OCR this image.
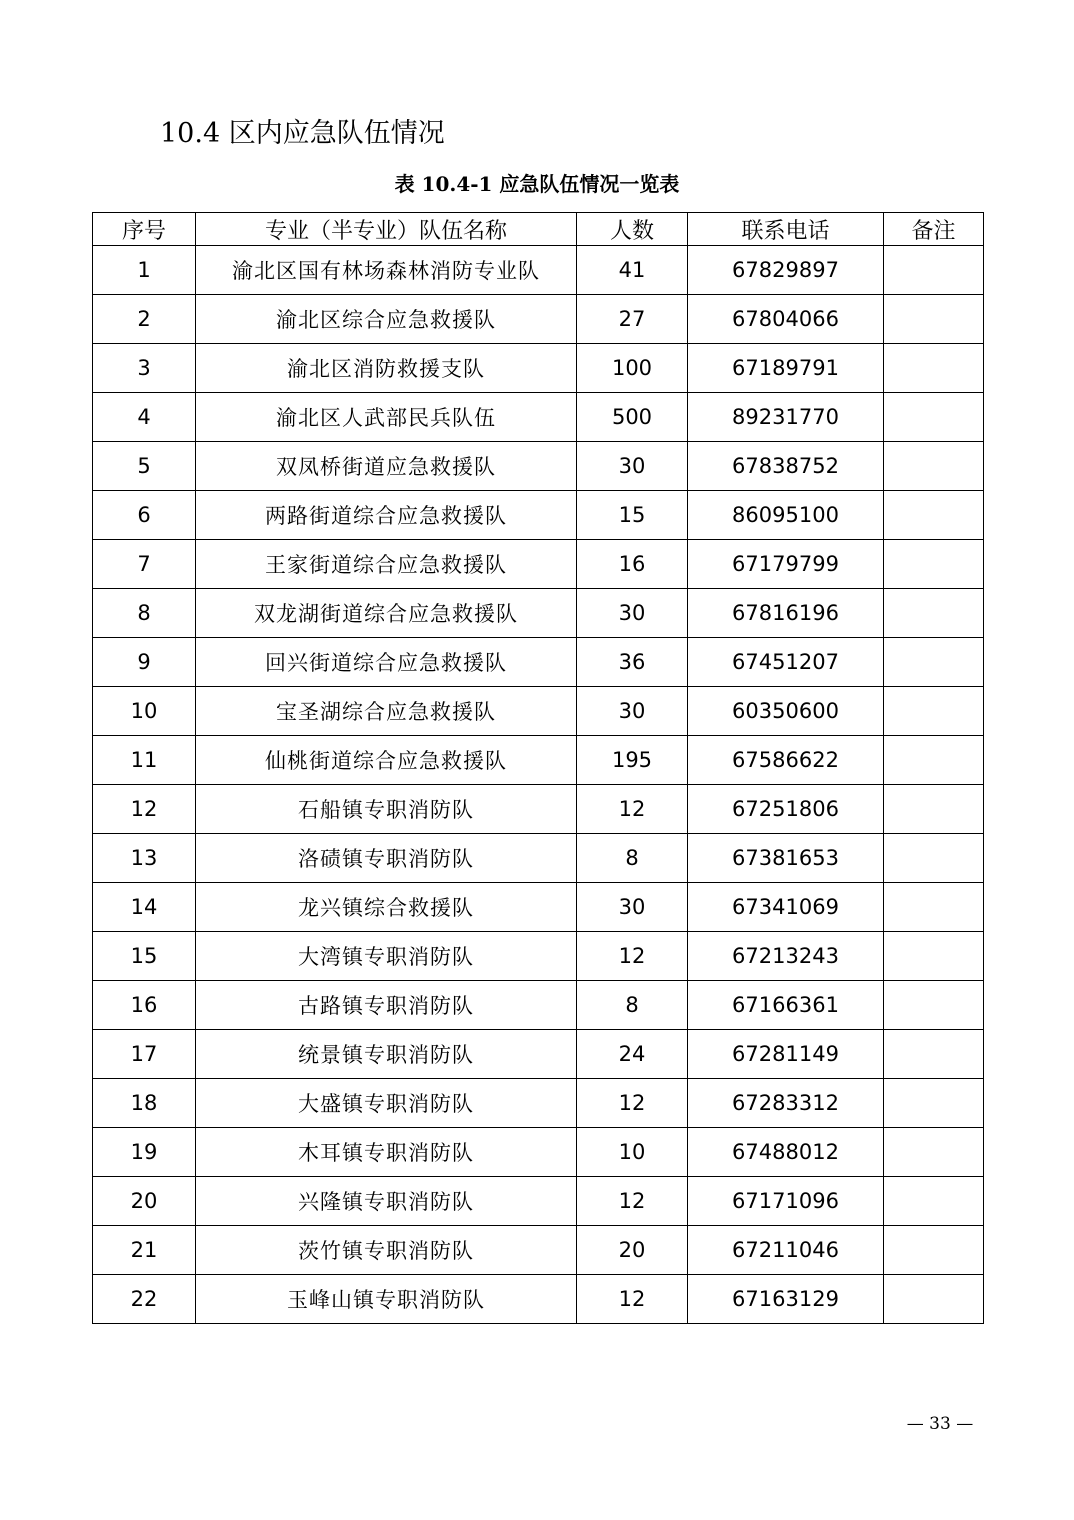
10.4 区内应急队伍情况
表 10.4-1 应急队伍情况一览表
序号	专业（半专业）队伍名称	人数	联系电话	备注
1	渝北区国有林场森林消防专业队	41	67829897	
2	渝北区综合应急救援队	27	67804066	
3	渝北区消防救援支队	100	67189791	
4	渝北区人武部民兵队伍	500	89231770	
5	双凤桥街道应急救援队	30	67838752	
6	两路街道综合应急救援队	15	86095100	
7	王家街道综合应急救援队	16	67179799	
8	双龙湖街道综合应急救援队	30	67816196	
9	回兴街道综合应急救援队	36	67451207	
10	宝圣湖综合应急救援队	30	60350600	
11	仙桃街道综合应急救援队	195	67586622	
12	石船镇专职消防队	12	67251806	
13	洛碛镇专职消防队	8	67381653	
14	龙兴镇综合救援队	30	67341069	
15	大湾镇专职消防队	12	67213243	
16	古路镇专职消防队	8	67166361	
17	统景镇专职消防队	24	67281149	
18	大盛镇专职消防队	12	67283312	
19	木耳镇专职消防队	10	67488012	
20	兴隆镇专职消防队	12	67171096	
21	茨竹镇专职消防队	20	67211046	
22	玉峰山镇专职消防队	12	67163129	
— 33 —
